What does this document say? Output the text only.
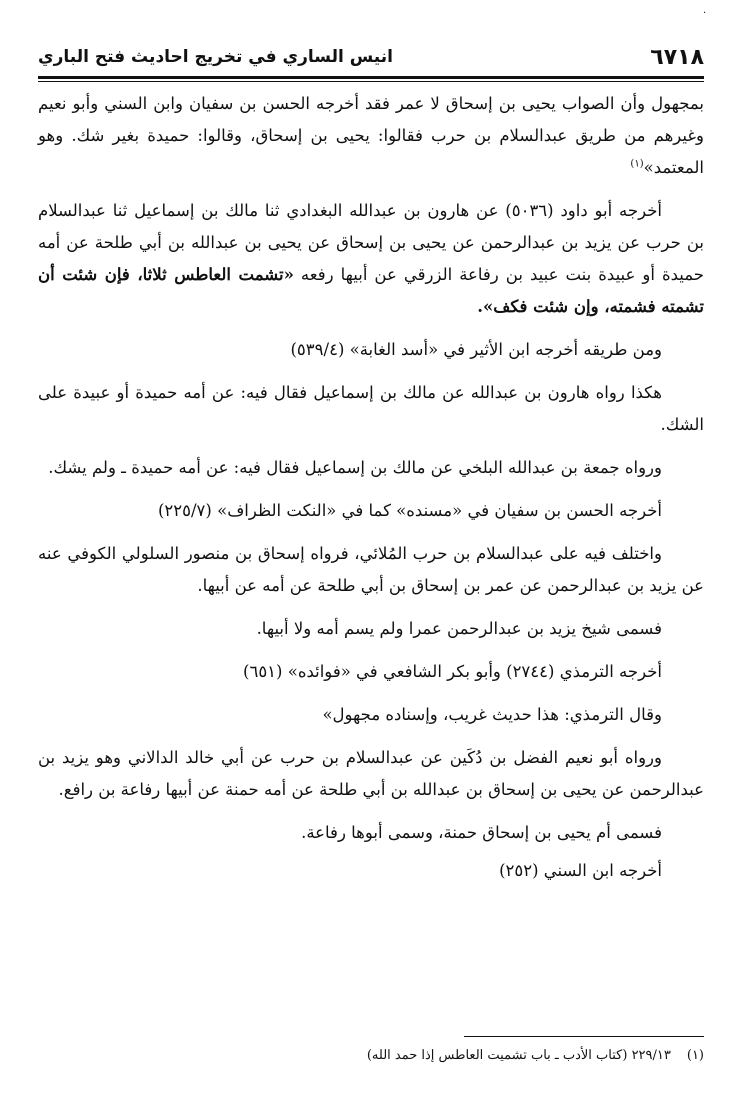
·
٦٧١٨
انيس الساري في تخريج احاديث فتح الباري

بمجهول وأن الصواب يحيى بن إسحاق لا عمر فقد أخرجه الحسن بن سفيان وابن السني وأبو نعيم وغيرهم من طريق عبدالسلام بن حرب فقالوا: يحيى بن إسحاق، وقالوا: حميدة بغير شك. وهو المعتمد»$^{(١)}$

أخرجه أبو داود (٥٠٣٦) عن هارون بن عبدالله البغدادي ثنا مالك بن إسماعيل ثنا عبدالسلام بن حرب عن يزيد بن عبدالرحمن عن يحيى بن إسحاق عن يحيى بن عبدالله بن أبي طلحة عن أمه حميدة أو عبيدة بنت عبيد بن رفاعة الزرقي عن أبيها رفعه «تشمت العاطس ثلاثا، فإن شئت أن تشمته فشمته، وإن شئت فكف».

ومن طريقه أخرجه ابن الأثير في «أسد الغابة» (٥٣٩/٤)

هكذا رواه هارون بن عبدالله عن مالك بن إسماعيل فقال فيه: عن أمه حميدة أو عبيدة على الشك.

ورواه جمعة بن عبدالله البلخي عن مالك بن إسماعيل فقال فيه: عن أمه حميدة ـ ولم يشك.

أخرجه الحسن بن سفيان في «مسنده» كما في «النكت الظراف» (٢٢٥/٧)

واختلف فيه على عبدالسلام بن حرب المُلائي، فرواه إسحاق بن منصور السلولي الكوفي عنه عن يزيد بن عبدالرحمن عن عمر بن إسحاق بن أبي طلحة عن أمه عن أبيها.

فسمى شيخ يزيد بن عبدالرحمن عمرا ولم يسم أمه ولا أبيها.

أخرجه الترمذي (٢٧٤٤) وأبو بكر الشافعي في «فوائده» (٦٥١)

وقال الترمذي: هذا حديث غريب، وإسناده مجهول»

ورواه أبو نعيم الفضل بن دُكَين عن عبدالسلام بن حرب عن أبي خالد الدالاني وهو يزيد بن عبدالرحمن عن يحيى بن إسحاق بن عبدالله بن أبي طلحة عن أمه حمنة عن أبيها رفاعة بن رافع.

فسمى أم يحيى بن إسحاق حمنة، وسمى أبوها رفاعة.

أخرجه ابن السني (٢٥٢)

(١)٢٢٩/١٣ (كتاب الأدب ـ باب تشميت العاطس إذا حمد الله)
